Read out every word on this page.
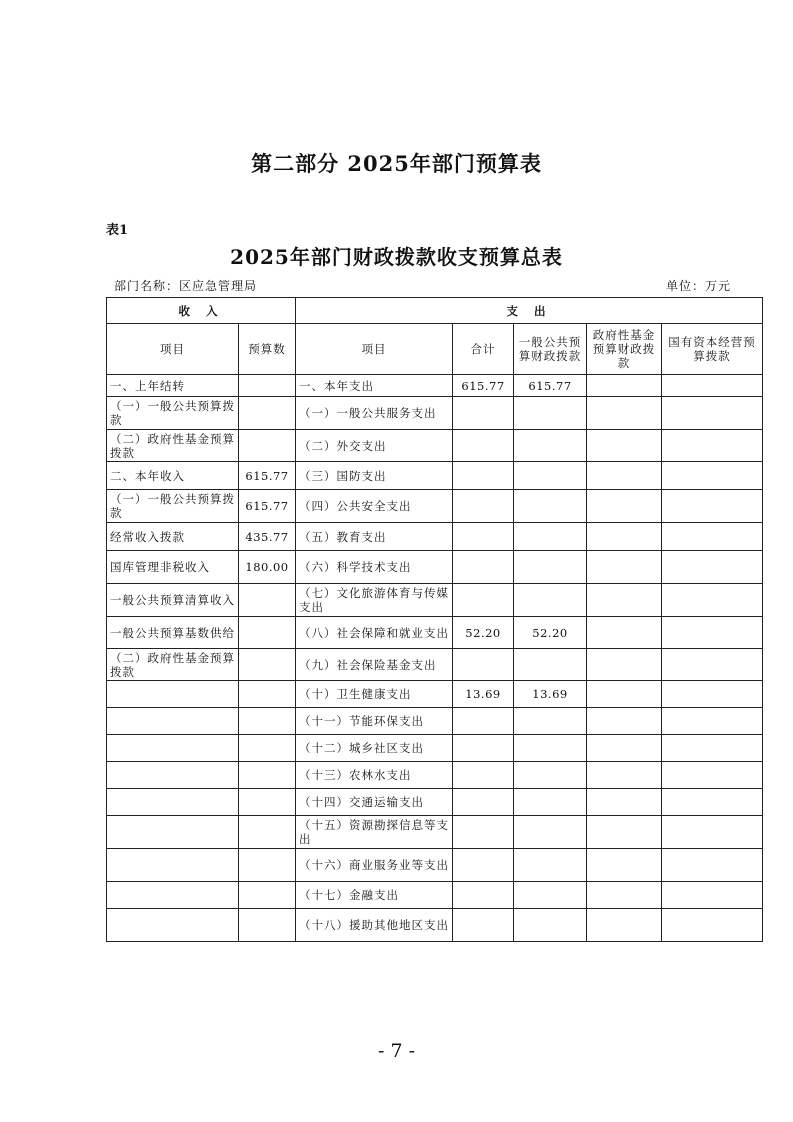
第二部分 2025年部门预算表
表1
2025年部门财政拨款收支预算总表
部门名称：区应急管理局	单位：万元
收 入		支 出				
项目	预算数	项目	合计	一般公共预算财政拨款	政府性基金预算财政拨款	国有资本经营预算拨款
一、上年结转		一、本年支出	615.77	615.77		
（一）一般公共预算拨款		（一）一般公共服务支出				
（二）政府性基金预算拨款		（二）外交支出				
二、本年收入	615.77	（三）国防支出				
（一）一般公共预算拨款	615.77	（四）公共安全支出				
经常收入拨款	435.77	（五）教育支出				
国库管理非税收入	180.00	（六）科学技术支出				
一般公共预算清算收入		（七）文化旅游体育与传媒支出				
一般公共预算基数供给		（八）社会保障和就业支出	52.20	52.20		
（二）政府性基金预算拨款		（九）社会保险基金支出				
		（十）卫生健康支出	13.69	13.69		
		（十一）节能环保支出				
		（十二）城乡社区支出				
		（十三）农林水支出				
		（十四）交通运输支出				
		（十五）资源勘探信息等支出				
		（十六）商业服务业等支出				
		（十七）金融支出				
		（十八）援助其他地区支出				
- 7 -
